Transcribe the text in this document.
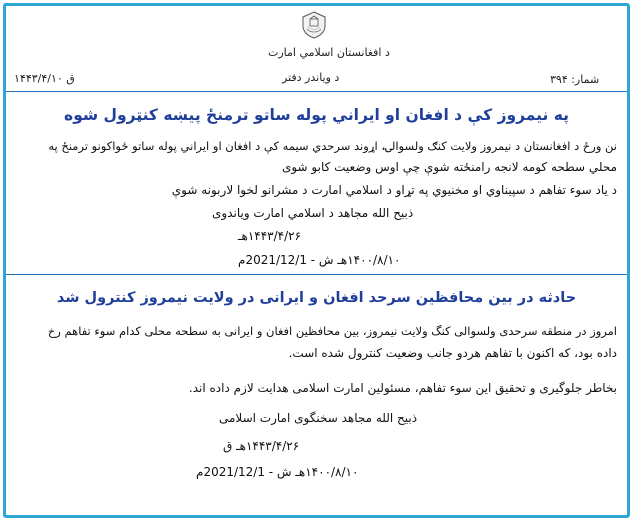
د افغانستان اسلامي امارت
د ویاندر دفتر	شمار: ۳۹۴
۱۴۴۳/۴/۱۰ ق
په نیمروز کې د افغان او ایراني پوله ساتو ترمنځ پیښه کنټرول شوه
نن ورځ د افغانستان د نیمروز ولايت کنګ ولسوالۍ، اړوند سرحدي سیمه کې د افغان او ایراني پوله ساتو ځواکونو ترمنځ په
محلي سطحه کومه لانجه رامنځته شوې چې اوس وضعیت کابو شوی
د یاد سوء تفاهم د سپیناوي او مخنیوي په تړاو د اسلامي امارت د مشرانو لخوا لاربونه شوې
ذبیح الله مجاهد د اسلامي امارت ویاندوی
۱۴۴۳/۴/۲۶هـ
۱۴۰۰/۸/۱۰هـ ش - 2021/12/1م
حادثه در بین محافظین سرحد افغان و ایرانی در ولایت نیمروز کنترول شد
امروز در منطقه سرحدی ولسوالی کنگ ولایت نیمروز، بین محافظین افغان و ایرانی به سطحه محلی کدام سوء تفاهم رخ
داده بود، که اکنون با تفاهم هردو جانب وضعیت کنترول شده است.
بخاطر جلوگیری و تحقیق این سوء تفاهم، مسئولین امارت اسلامی هدایت لازم داده اند.
ذبیح الله مجاهد سخنگوی امارت اسلامی
۱۴۴۳/۴/۲۶هـ ق
۱۴۰۰/۸/۱۰هـ ش - 2021/12/1م
